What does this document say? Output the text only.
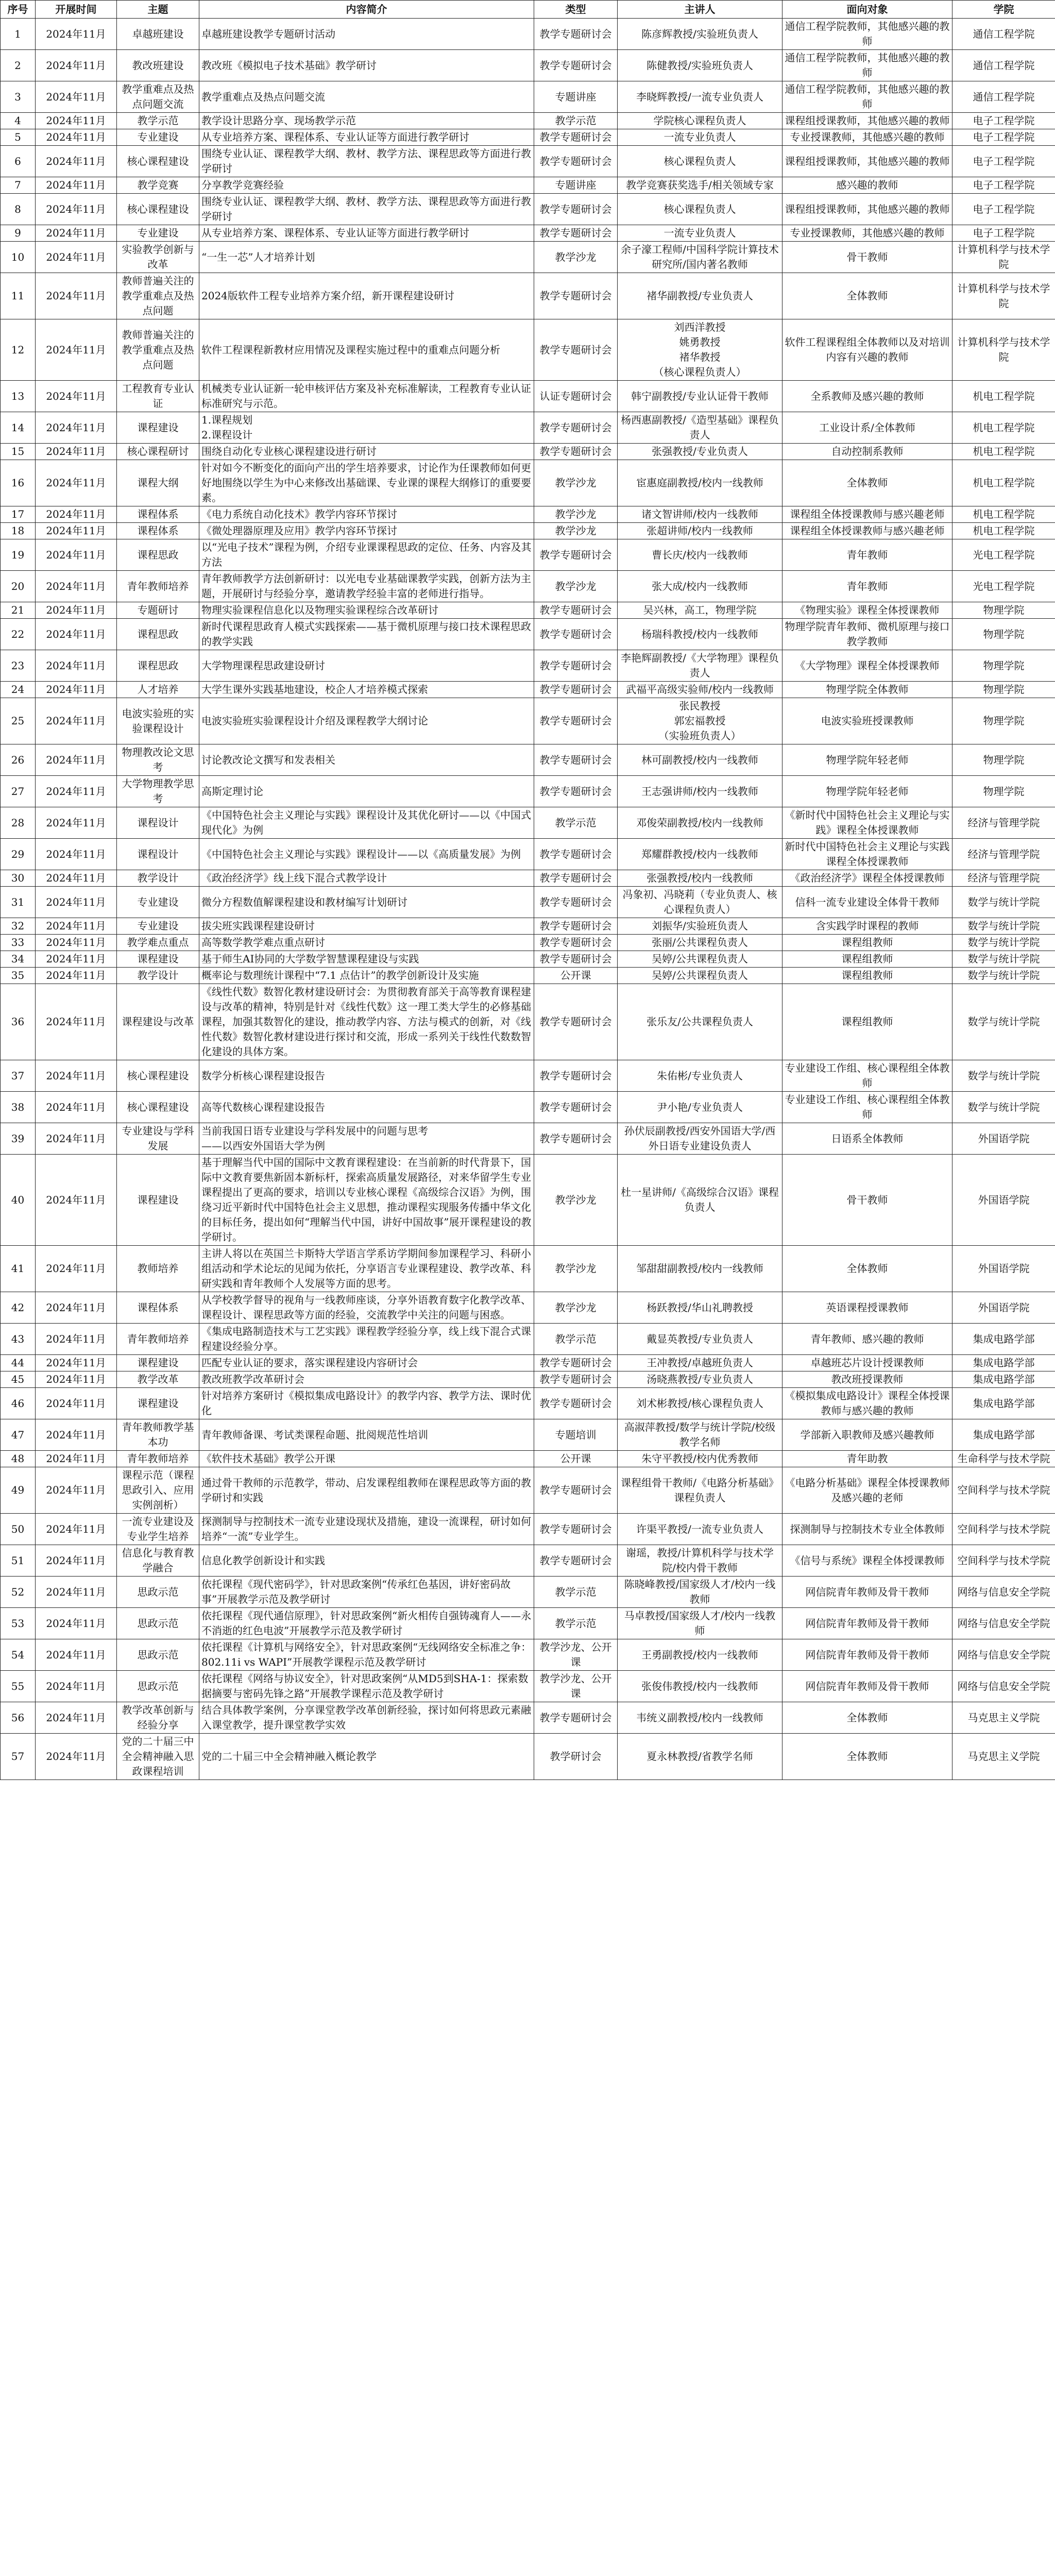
序号	开展时间	主题	内容简介	类型	主讲人	面向对象	学院
1	2024年11月	卓越班建设	卓越班建设教学专题研讨活动	教学专题研讨会	陈彦辉教授/实验班负责人	通信工程学院教师，其他感兴趣的教师	通信工程学院
2	2024年11月	教改班建设	教改班《模拟电子技术基础》教学研讨	教学专题研讨会	陈健教授/实验班负责人	通信工程学院教师，其他感兴趣的教师	通信工程学院
3	2024年11月	教学重难点及热点问题交流	教学重难点及热点问题交流	专题讲座	李晓辉教授/一流专业负责人	通信工程学院教师，其他感兴趣的教师	通信工程学院
4	2024年11月	教学示范	教学设计思路分享、现场教学示范	教学示范	学院核心课程负责人	课程组授课教师，其他感兴趣的教师	电子工程学院
5	2024年11月	专业建设	从专业培养方案、课程体系、专业认证等方面进行教学研讨	教学专题研讨会	一流专业负责人	专业授课教师，其他感兴趣的教师	电子工程学院
6	2024年11月	核心课程建设	围绕专业认证、课程教学大纲、教材、教学方法、课程思政等方面进行教学研讨	教学专题研讨会	核心课程负责人	课程组授课教师，其他感兴趣的教师	电子工程学院
7	2024年11月	教学竞赛	分享教学竞赛经验	专题讲座	教学竞赛获奖选手/相关领域专家	感兴趣的教师	电子工程学院
8	2024年11月	核心课程建设	围绕专业认证、课程教学大纲、教材、教学方法、课程思政等方面进行教学研讨	教学专题研讨会	核心课程负责人	课程组授课教师，其他感兴趣的教师	电子工程学院
9	2024年11月	专业建设	从专业培养方案、课程体系、专业认证等方面进行教学研讨	教学专题研讨会	一流专业负责人	专业授课教师，其他感兴趣的教师	电子工程学院
10	2024年11月	实验教学创新与改革	“一生一芯”人才培养计划	教学沙龙	余子濠工程师/中国科学院计算技术研究所/国内著名教师	骨干教师	计算机科学与技术学院
11	2024年11月	教师普遍关注的教学重难点及热点问题	2024版软件工程专业培养方案介绍，新开课程建设研讨	教学专题研讨会	褚华副教授/专业负责人	全体教师	计算机科学与技术学院
12	2024年11月	教师普遍关注的教学重难点及热点问题	软件工程课程新教材应用情况及课程实施过程中的重难点问题分析	教学专题研讨会	刘西洋教授
姚勇教授
褚华教授
（核心课程负责人）	软件工程课程组全体教师以及对培训内容有兴趣的教师	计算机科学与技术学院
13	2024年11月	工程教育专业认证	机械类专业认证新一轮申核评估方案及补充标准解读，工程教育专业认证标准研究与示范。	认证专题研讨会	韩宁副教授/专业认证骨干教师	全系教师及感兴趣的教师	机电工程学院
14	2024年11月	课程建设	1.课程规划
2.课程设计	教学专题研讨会	杨西惠副教授/《造型基础》课程负责人	工业设计系/全体教师	机电工程学院
15	2024年11月	核心课程研讨	围绕自动化专业核心课程建设进行研讨	教学专题研讨会	张强教授/专业负责人	自动控制系教师	机电工程学院
16	2024年11月	课程大纲	针对如今不断变化的面向产出的学生培养要求，讨论作为任课教师如何更好地围绕以学生为中心来修改出基础课、专业课的课程大纲修订的重要要素。	教学沙龙	宦惠庭副教授/校内一线教师	全体教师	机电工程学院
17	2024年11月	课程体系	《电力系统自动化技术》教学内容环节探讨	教学沙龙	诸文智讲师/校内一线教师	课程组全体授课教师与感兴趣老师	机电工程学院
18	2024年11月	课程体系	《微处理器原理及应用》教学内容环节探讨	教学沙龙	张超讲师/校内一线教师	课程组全体授课教师与感兴趣老师	机电工程学院
19	2024年11月	课程思政	以“光电子技术”课程为例，介绍专业课课程思政的定位、任务、内容及其方法	教学专题研讨会	曹长庆/校内一线教师	青年教师	光电工程学院
20	2024年11月	青年教师培养	青年教师教学方法创新研讨：以光电专业基础课教学实践，创新方法为主题，开展研讨与经验分享，邀请教学经验丰富的老师进行指导。	教学沙龙	张大成/校内一线教师	青年教师	光电工程学院
21	2024年11月	专题研讨	物理实验课程信息化以及物理实验课程综合改革研讨	教学专题研讨会	吴兴林，高工，物理学院	《物理实验》课程全体授课教师	物理学院
22	2024年11月	课程思政	新时代课程思政育人模式实践探索——基于微机原理与接口技术课程思政的教学实践	教学专题研讨会	杨瑞科教授/校内一线教师	物理学院青年教师、微机原理与接口教学教师	物理学院
23	2024年11月	课程思政	大学物理课程思政建设研讨	教学专题研讨会	李艳辉副教授/《大学物理》课程负责人	《大学物理》课程全体授课教师	物理学院
24	2024年11月	人才培养	大学生课外实践基地建设，校企人才培养模式探索	教学专题研讨会	武福平高级实验师/校内一线教师	物理学院全体教师	物理学院
25	2024年11月	电波实验班的实验课程设计	电波实验班实验课程设计介绍及课程教学大纲讨论	教学专题研讨会	张民教授
郭宏福教授
（实验班负责人）	电波实验班授课教师	物理学院
26	2024年11月	物理教改论文思考	讨论教改论文撰写和发表相关	教学专题研讨会	林可副教授/校内一线教师	物理学院年轻老师	物理学院
27	2024年11月	大学物理教学思考	高斯定理讨论	教学专题研讨会	王志强讲师/校内一线教师	物理学院年轻老师	物理学院
28	2024年11月	课程设计	《中国特色社会主义理论与实践》课程设计及其优化研讨——以《中国式现代化》为例	教学示范	邓俊荣副教授/校内一线教师	《新时代中国特色社会主义理论与实践》课程全体授课教师	经济与管理学院
29	2024年11月	课程设计	《中国特色社会主义理论与实践》课程设计——以《高质量发展》为例	教学专题研讨会	郑耀群教授/校内一线教师	新时代中国特色社会主义理论与实践课程全体授课教师	经济与管理学院
30	2024年11月	教学设计	《政治经济学》线上线下混合式教学设计	教学专题研讨会	张强教授/校内一线教师	《政治经济学》课程全体授课教师	经济与管理学院
31	2024年11月	专业建设	微分方程数值解课程建设和教材编写计划研讨	教学专题研讨会	冯象初、冯晓莉（专业负责人、核心课程负责人）	信科一流专业建设全体骨干教师	数学与统计学院
32	2024年11月	专业建设	拔尖班实践课程建设研讨	教学专题研讨会	刘振华/实验班负责人	含实践学时课程的教师	数学与统计学院
33	2024年11月	教学难点重点	高等数学教学难点重点研讨	教学专题研讨会	张丽/公共课程负责人	课程组教师	数学与统计学院
34	2024年11月	课程建设	基于师生AI协同的大学数学智慧课程建设与实践	教学专题研讨会	吴婷/公共课程负责人	课程组教师	数学与统计学院
35	2024年11月	教学设计	概率论与数理统计课程中“7.1 点估计”的教学创新设计及实施	公开课	吴婷/公共课程负责人	课程组教师	数学与统计学院
36	2024年11月	课程建设与改革	《线性代数》数智化教材建设研讨会：为贯彻教育部关于高等教育课程建设与改革的精神，特别是针对《线性代数》这一理工类大学生的必修基础课程，加强其数智化的建设，推动教学内容、方法与模式的创新，对《线性代数》数智化教材建设进行探讨和交流，形成一系列关于线性代数数智化建设的具体方案。	教学专题研讨会	张乐友/公共课程负责人	课程组教师	数学与统计学院
37	2024年11月	核心课程建设	数学分析核心课程建设报告	教学专题研讨会	朱佑彬/专业负责人	专业建设工作组、核心课程组全体教师	数学与统计学院
38	2024年11月	核心课程建设	高等代数核心课程建设报告	教学专题研讨会	尹小艳/专业负责人	专业建设工作组、核心课程组全体教师	数学与统计学院
39	2024年11月	专业建设与学科发展	当前我国日语专业建设与学科发展中的问题与思考
——以西安外国语大学为例	教学专题研讨会	孙伏辰副教授/西安外国语大学/西外日语专业建设负责人	日语系全体教师	外国语学院
40	2024年11月	课程建设	基于理解当代中国的国际中文教育课程建设：在当前新的时代背景下，国际中文教育要焦新固本新标杆，探索高质量发展路径，对来华留学生专业课程提出了更高的要求，培训以专业核心课程《高级综合汉语》为例，围绕习近平新时代中国特色社会主义思想，推动课程实现服务传播中华文化的目标任务，提出如何“理解当代中国，讲好中国故事”展开课程建设的教学研讨。	教学沙龙	杜一星讲师/《高级综合汉语》课程负责人	骨干教师	外国语学院
41	2024年11月	教师培养	主讲人将以在英国兰卡斯特大学语言学系访学期间参加课程学习、科研小组活动和学术论坛的见闻为依托，分享语言专业课程建设、教学改革、科研实践和青年教师个人发展等方面的思考。	教学沙龙	邹甜甜副教授/校内一线教师	全体教师	外国语学院
42	2024年11月	课程体系	从学校教学督导的视角与一线教师座谈，分享外语教育数字化教学改革、课程设计、课程思政等方面的经验，交流教学中关注的问题与困惑。	教学沙龙	杨跃教授/华山礼聘教授	英语课程授课教师	外国语学院
43	2024年11月	青年教师培养	《集成电路制造技术与工艺实践》课程教学经验分享，线上线下混合式课程建设经验分享。	教学示范	戴显英教授/专业负责人	青年教师、感兴趣的教师	集成电路学部
44	2024年11月	课程建设	匹配专业认证的要求，落实课程建设内容研讨会	教学专题研讨会	王冲教授/卓越班负责人	卓越班芯片设计授课教师	集成电路学部
45	2024年11月	教学改革	教改班教学改革研讨会	教学专题研讨会	汤晓燕教授/专业负责人	教改班授课教师	集成电路学部
46	2024年11月	课程建设	针对培养方案研讨《模拟集成电路设计》的教学内容、教学方法、课时优化	教学专题研讨会	刘术彬教授/核心课程负责人	《模拟集成电路设计》课程全体授课教师与感兴趣的教师	集成电路学部
47	2024年11月	青年教师教学基本功	青年教师备课、考试类课程命题、批阅规范性培训	专题培训	高淑萍教授/数学与统计学院/校级教学名师	学部新入职教师及感兴趣教师	集成电路学部
48	2024年11月	青年教师培养	《软件技术基础》教学公开课	公开课	朱守平教授/校内优秀教师	青年助教	生命科学与技术学院
49	2024年11月	课程示范（课程思政引入、应用实例剖析）	通过骨干教师的示范教学，带动、启发课程组教师在课程思政等方面的教学研讨和实践	教学专题研讨会	课程组骨干教师/《电路分析基础》课程负责人	《电路分析基础》课程全体授课教师及感兴趣的老师	空间科学与技术学院
50	2024年11月	一流专业建设及专业学生培养	探测制导与控制技术一流专业建设现状及措施，建设一流课程，研讨如何培养“一流”专业学生。	教学专题研讨会	许渠平教授/一流专业负责人	探测制导与控制技术专业全体教师	空间科学与技术学院
51	2024年11月	信息化与教育教学融合	信息化教学创新设计和实践	教学专题研讨会	谢瑶，教授/计算机科学与技术学院/校内骨干教师	《信号与系统》课程全体授课教师	空间科学与技术学院
52	2024年11月	思政示范	依托课程《现代密码学》，针对思政案例“传承红色基因，讲好密码故事”开展教学示范及教学研讨	教学示范	陈晓峰教授/国家级人才/校内一线教师	网信院青年教师及骨干教师	网络与信息安全学院
53	2024年11月	思政示范	依托课程《现代通信原理》，针对思政案例“新火相传自强铸魂育人——永不消逝的红色电波”开展教学示范及教学研讨	教学示范	马卓教授/国家级人才/校内一线教师	网信院青年教师及骨干教师	网络与信息安全学院
54	2024年11月	思政示范	依托课程《计算机与网络安全》，针对思政案例“无线网络安全标准之争：802.11i vs WAPI”开展教学课程示范及教学研讨	教学沙龙、公开课	王勇副教授/校内一线教师	网信院青年教师及骨干教师	网络与信息安全学院
55	2024年11月	思政示范	依托课程《网络与协议安全》，针对思政案例“从MD5到SHA-1：探索数据摘要与密码先锋之路”开展教学课程示范及教学研讨	教学沙龙、公开课	张俊伟教授/校内一线教师	网信院青年教师及骨干教师	网络与信息安全学院
56	2024年11月	教学改革创新与经验分享	结合具体教学案例，分享课堂教学改革创新经验，探讨如何将思政元素融入课堂教学，提升课堂教学实效	教学专题研讨会	韦统义副教授/校内一线教师	全体教师	马克思主义学院
57	2024年11月	党的二十届三中全会精神融入思政课程培训	党的二十届三中全会精神融入概论教学	教学研讨会	夏永林教授/省教学名师	全体教师	马克思主义学院
